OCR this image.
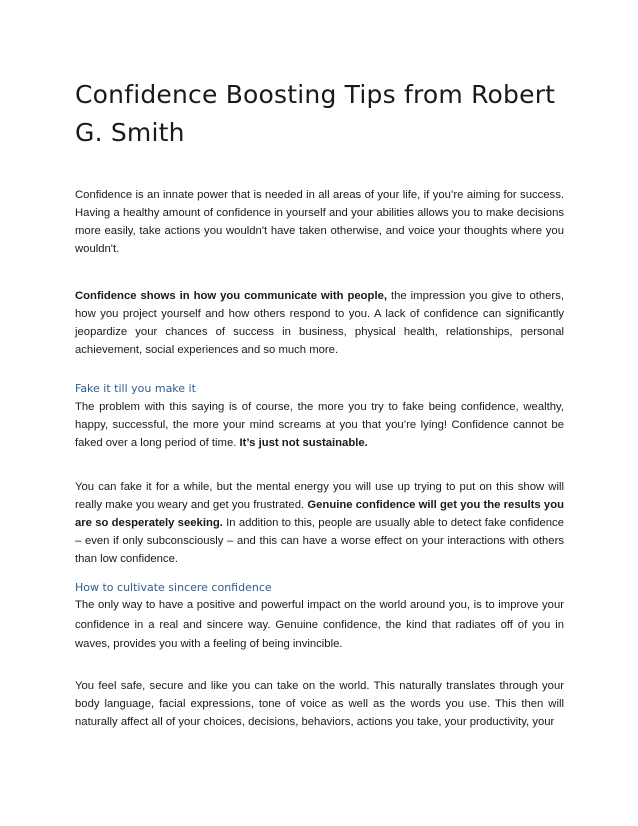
Confidence Boosting Tips from Robert G. Smith

Confidence is an innate power that is needed in all areas of your life, if you’re aiming for success. Having a healthy amount of confidence in yourself and your abilities allows you to make decisions more easily, take actions you wouldn't have taken otherwise, and voice your thoughts where you wouldn't.

Confidence shows in how you communicate with people, the impression you give to others, how you project yourself and how others respond to you. A lack of confidence can significantly jeopardize your chances of success in business, physical health, relationships, personal achievement, social experiences and so much more.

Fake it till you make it

The problem with this saying is of course, the more you try to fake being confidence, wealthy, happy, successful, the more your mind screams at you that you’re lying! Confidence cannot be faked over a long period of time. It’s just not sustainable.

You can fake it for a while, but the mental energy you will use up trying to put on this show will really make you weary and get you frustrated. Genuine confidence will get you the results you are so desperately seeking. In addition to this, people are usually able to detect fake confidence – even if only subconsciously – and this can have a worse effect on your interactions with others than low confidence.

How to cultivate sincere confidence

The only way to have a positive and powerful impact on the world around you, is to improve your confidence in a real and sincere way. Genuine confidence, the kind that radiates off of you in waves, provides you with a feeling of being invincible.

You feel safe, secure and like you can take on the world. This naturally translates through your body language, facial expressions, tone of voice as well as the words you use. This then will naturally affect all of your choices, decisions, behaviors, actions you take, your productivity, your
